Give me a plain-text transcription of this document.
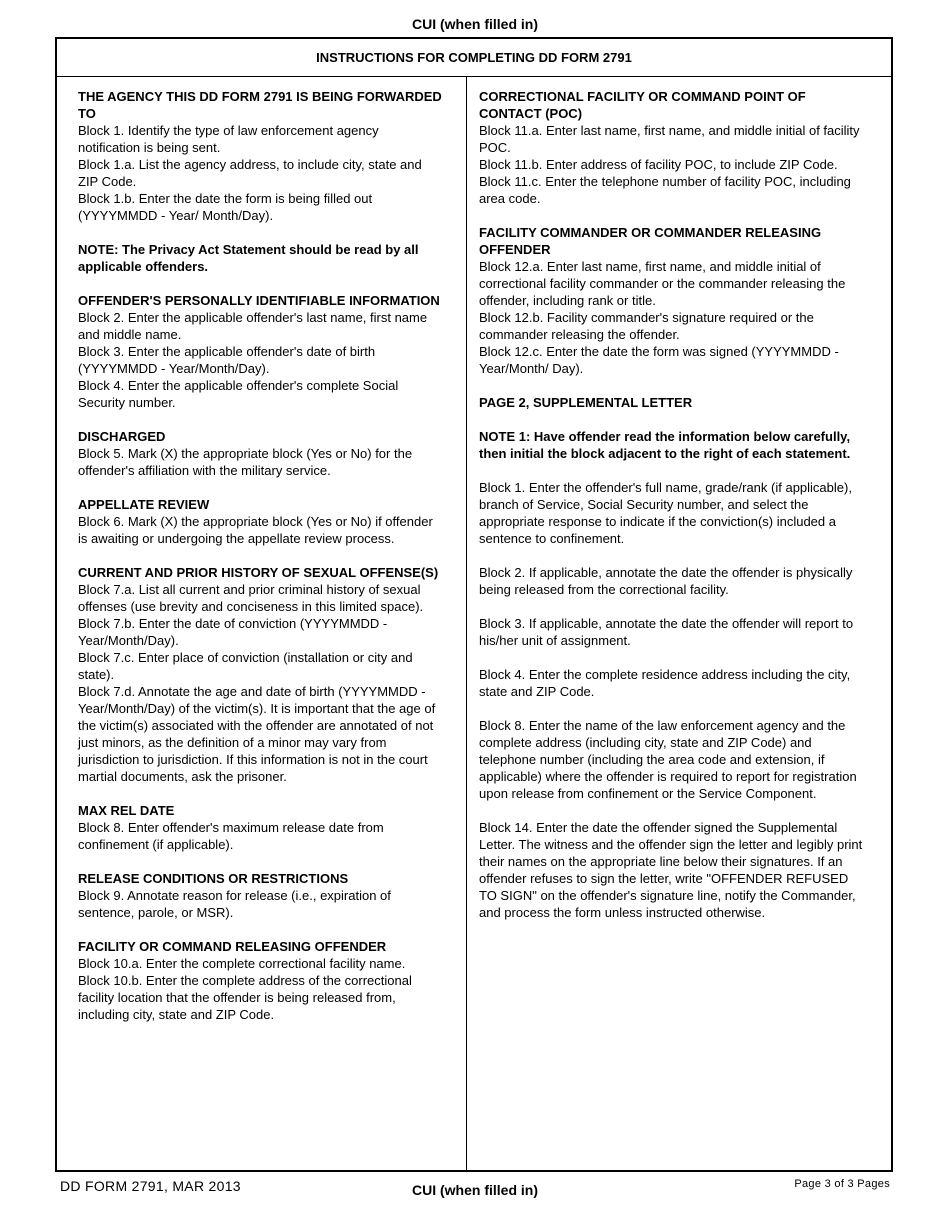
CUI (when filled in)
INSTRUCTIONS FOR COMPLETING DD FORM 2791
THE AGENCY THIS DD FORM 2791 IS BEING FORWARDED TO
Block 1. Identify the type of law enforcement agency notification is being sent.
Block 1.a. List the agency address, to include city, state and ZIP Code.
Block 1.b. Enter the date the form is being filled out (YYYYMMDD - Year/ Month/Day).
NOTE: The Privacy Act Statement should be read by all applicable offenders.
OFFENDER'S PERSONALLY IDENTIFIABLE INFORMATION
Block 2. Enter the applicable offender's last name, first name and middle name.
Block 3. Enter the applicable offender's date of birth (YYYYMMDD - Year/Month/Day).
Block 4. Enter the applicable offender's complete Social Security number.
DISCHARGED
Block 5. Mark (X) the appropriate block (Yes or No) for the offender's affiliation with the military service.
APPELLATE REVIEW
Block 6. Mark (X) the appropriate block (Yes or No) if offender is awaiting or undergoing the appellate review process.
CURRENT AND PRIOR HISTORY OF SEXUAL OFFENSE(S)
Block 7.a. List all current and prior criminal history of sexual offenses (use brevity and conciseness in this limited space).
Block 7.b. Enter the date of conviction (YYYYMMDD - Year/Month/Day).
Block 7.c. Enter place of conviction (installation or city and state).
Block 7.d. Annotate the age and date of birth (YYYYMMDD - Year/Month/Day) of the victim(s). It is important that the age of the victim(s) associated with the offender are annotated of not just minors, as the definition of a minor may vary from jurisdiction to jurisdiction. If this information is not in the court martial documents, ask the prisoner.
MAX REL DATE
Block 8. Enter offender's maximum release date from confinement (if applicable).
RELEASE CONDITIONS OR RESTRICTIONS
Block 9. Annotate reason for release (i.e., expiration of sentence, parole, or MSR).
FACILITY OR COMMAND RELEASING OFFENDER
Block 10.a. Enter the complete correctional facility name.
Block 10.b. Enter the complete address of the correctional facility location that the offender is being released from, including city, state and ZIP Code.
CORRECTIONAL FACILITY OR COMMAND POINT OF CONTACT (POC)
Block 11.a. Enter last name, first name, and middle initial of facility POC.
Block 11.b. Enter address of facility POC, to include ZIP Code.
Block 11.c. Enter the telephone number of facility POC, including area code.
FACILITY COMMANDER OR COMMANDER RELEASING OFFENDER
Block 12.a. Enter last name, first name, and middle initial of correctional facility commander or the commander releasing the offender, including rank or title.
Block 12.b. Facility commander's signature required or the commander releasing the offender.
Block 12.c. Enter the date the form was signed (YYYYMMDD - Year/Month/ Day).
PAGE 2, SUPPLEMENTAL LETTER
NOTE 1: Have offender read the information below carefully, then initial the block adjacent to the right of each statement.
Block 1. Enter the offender's full name, grade/rank (if applicable), branch of Service, Social Security number, and select the appropriate response to indicate if the conviction(s) included a sentence to confinement.
Block 2. If applicable, annotate the date the offender is physically being released from the correctional facility.
Block 3. If applicable, annotate the date the offender will report to his/her unit of assignment.
Block 4. Enter the complete residence address including the city, state and ZIP Code.
Block 8. Enter the name of the law enforcement agency and the complete address (including city, state and ZIP Code) and telephone number (including the area code and extension, if applicable) where the offender is required to report for registration upon release from confinement or the Service Component.
Block 14. Enter the date the offender signed the Supplemental Letter. The witness and the offender sign the letter and legibly print their names on the appropriate line below their signatures. If an offender refuses to sign the letter, write "OFFENDER REFUSED TO SIGN" on the offender's signature line, notify the Commander, and process the form unless instructed otherwise.
DD FORM 2791, MAR 2013	CUI (when filled in)	Page 3 of 3 Pages
